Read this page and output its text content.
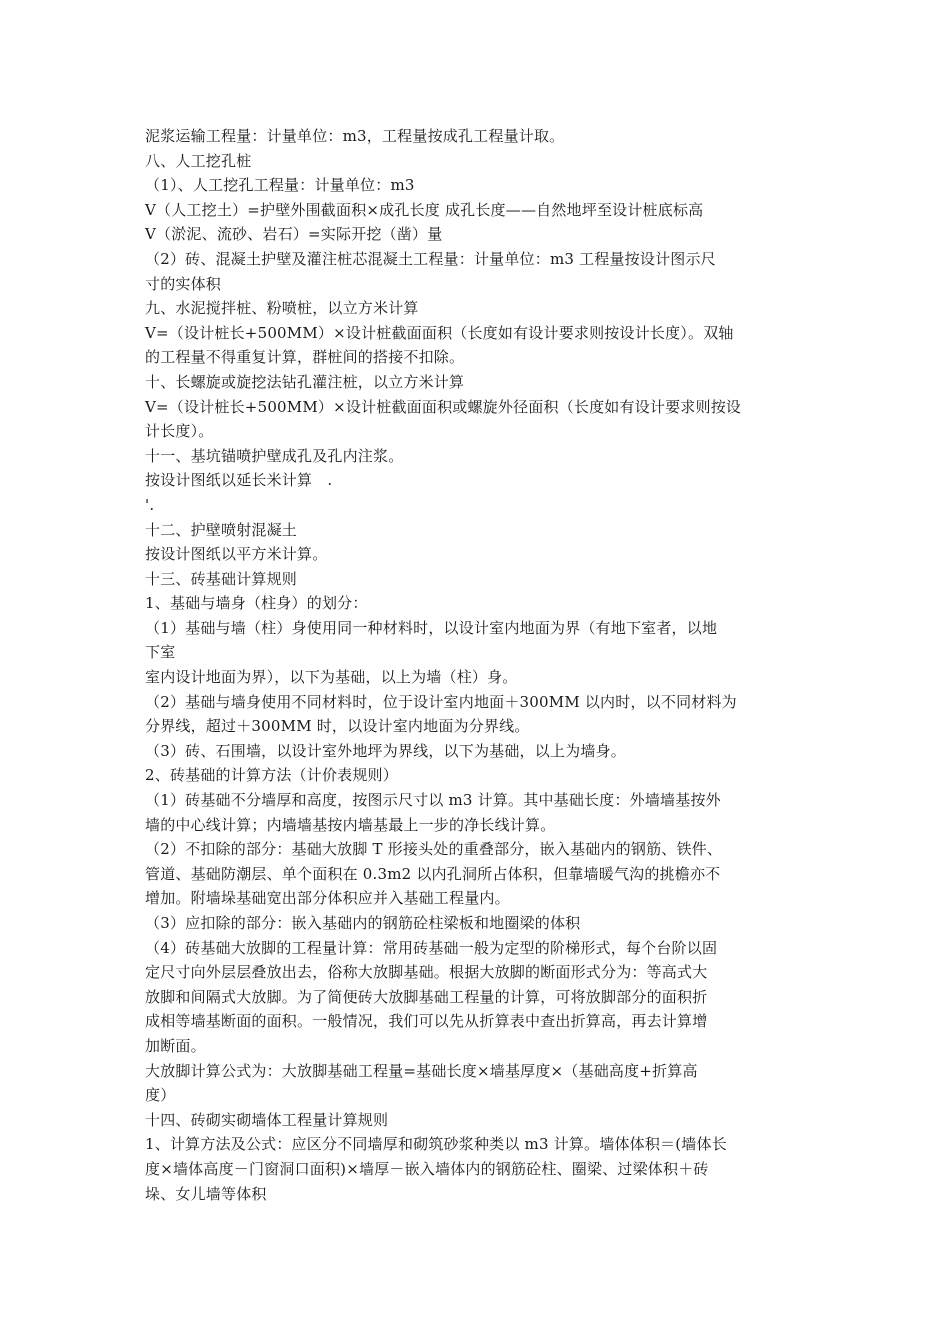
泥浆运输工程量：计量单位：m3，工程量按成孔工程量计取。
八、人工挖孔桩
（1）、人工挖孔工程量：计量单位：m3
V（人工挖土）=护壁外围截面积×成孔长度 成孔长度——自然地坪至设计桩底标高
V（淤泥、流砂、岩石）=实际开挖（凿）量
（2）砖、混凝土护壁及灌注桩芯混凝土工程量：计量单位：m3 工程量按设计图示尺
寸的实体积
九、水泥搅拌桩、粉喷桩，以立方米计算
V=（设计桩长+500MM）×设计桩截面面积（长度如有设计要求则按设计长度）。双轴
的工程量不得重复计算，群桩间的搭接不扣除。
十、长螺旋或旋挖法钻孔灌注桩，以立方米计算
V=（设计桩长+500MM）×设计桩截面面积或螺旋外径面积（长度如有设计要求则按设
计长度）。
十一、基坑锚喷护壁成孔及孔内注浆。
按设计图纸以延长米计算　.
'.
十二、护壁喷射混凝土
按设计图纸以平方米计算。
十三、砖基础计算规则
1、基础与墙身（柱身）的划分：
（1）基础与墙（柱）身使用同一种材料时，以设计室内地面为界（有地下室者，以地
下室
室内设计地面为界），以下为基础，以上为墙（柱）身。
（2）基础与墙身使用不同材料时，位于设计室内地面＋300MM 以内时，以不同材料为
分界线，超过＋300MM 时，以设计室内地面为分界线。
（3）砖、石围墙，以设计室外地坪为界线，以下为基础，以上为墙身。
2、砖基础的计算方法（计价表规则）
（1）砖基础不分墙厚和高度，按图示尺寸以 m3 计算。其中基础长度：外墙墙基按外
墙的中心线计算；内墙墙基按内墙基最上一步的净长线计算。
（2）不扣除的部分：基础大放脚 T 形接头处的重叠部分，嵌入基础内的钢筋、铁件、
管道、基础防潮层、单个面积在 0.3m2 以内孔洞所占体积，但靠墙暖气沟的挑檐亦不
增加。附墙垛基础宽出部分体积应并入基础工程量内。
（3）应扣除的部分：嵌入基础内的钢筋砼柱梁板和地圈梁的体积
（4）砖基础大放脚的工程量计算：常用砖基础一般为定型的阶梯形式，每个台阶以固
定尺寸向外层层叠放出去，俗称大放脚基础。根据大放脚的断面形式分为：等高式大
放脚和间隔式大放脚。为了简便砖大放脚基础工程量的计算，可将放脚部分的面积折
成相等墙基断面的面积。一般情况，我们可以先从折算表中查出折算高，再去计算增
加断面。
大放脚计算公式为：大放脚基础工程量=基础长度×墙基厚度×（基础高度+折算高
度）
十四、砖砌实砌墙体工程量计算规则
1、计算方法及公式：应区分不同墙厚和砌筑砂浆种类以 m3 计算。墙体体积＝(墙体长
度×墙体高度－门窗洞口面积)×墙厚－嵌入墙体内的钢筋砼柱、圈梁、过梁体积＋砖
垛、女儿墙等体积
